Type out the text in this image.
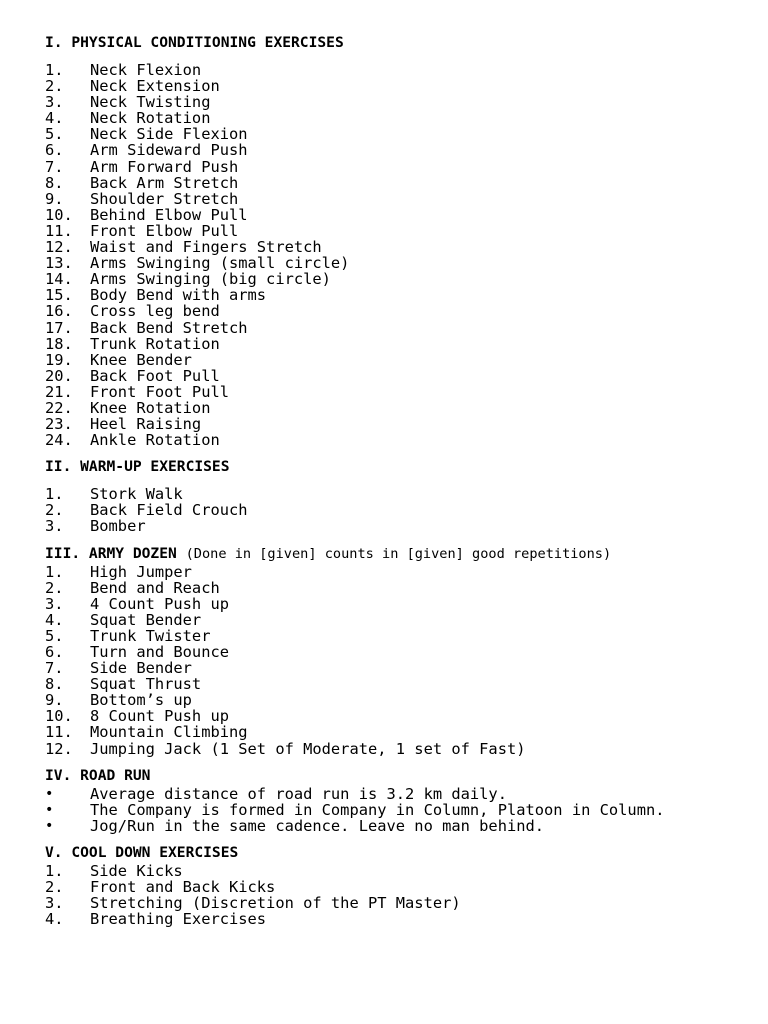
I. PHYSICAL CONDITIONING EXERCISES
1.	Neck Flexion
2.	Neck Extension
3.	Neck Twisting
4.	Neck Rotation
5.	Neck Side Flexion
6.	Arm Sideward Push
7.	Arm Forward Push
8.	Back Arm Stretch
9.	Shoulder Stretch
10.	Behind Elbow Pull
11.	Front Elbow Pull
12.	Waist and Fingers Stretch
13.	Arms Swinging (small circle)
14.	Arms Swinging (big circle)
15.	Body Bend with arms
16.	Cross leg bend
17.	Back Bend Stretch
18.	Trunk Rotation
19.	Knee Bender
20.	Back Foot Pull
21.	Front Foot Pull
22.	Knee Rotation
23.	Heel Raising
24.	Ankle Rotation
II. WARM-UP EXERCISES
1.	Stork Walk
2.	Back Field Crouch
3.	Bomber
III. ARMY DOZEN (Done in [given] counts in [given] good repetitions)
1.	High Jumper
2.	Bend and Reach
3.	4 Count Push up
4.	Squat Bender
5.	Trunk Twister
6.	Turn and Bounce
7.	Side Bender
8.	Squat Thrust
9.	Bottom’s up
10.	8 Count Push up
11.	Mountain Climbing
12.	Jumping Jack (1 Set of Moderate, 1 set of Fast)
IV. ROAD RUN
•	Average distance of road run is 3.2 km daily.
•	The Company is formed in Company in Column, Platoon in Column.
•	Jog/Run in the same cadence. Leave no man behind.
V. COOL DOWN EXERCISES
1.	Side Kicks
2.	Front and Back Kicks
3.	Stretching (Discretion of the PT Master)
4.	Breathing Exercises
